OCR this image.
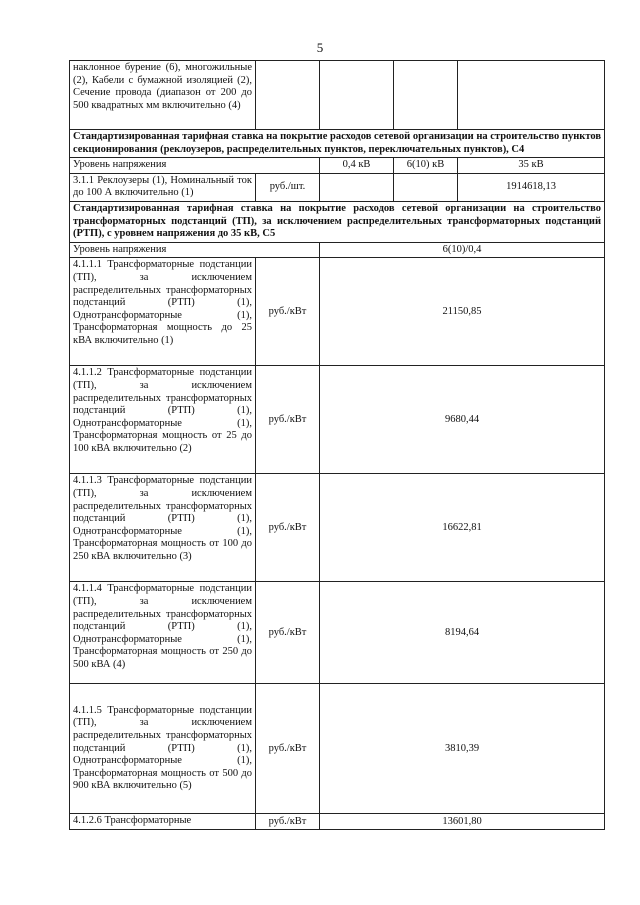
5
наклонное бурение (6), многожильные (2), Кабели с бумажной изоляцией (2), Сечение провода (диапазон от 200 до 500 квадратных мм включительно (4)				
Стандартизированная тарифная ставка на покрытие расходов сетевой организации на строительство пунктов секционирования (реклоузеров, распределительных пунктов, переключательных пунктов), С4				
Уровень напряжения		0,4 кВ	6(10) кВ	35 кВ
3.1.1 Реклоузеры (1), Номинальный ток до 100 А включительно (1)	руб./шт.			1914618,13
Стандартизированная тарифная ставка на покрытие расходов сетевой организации на строительство трансформаторных подстанций (ТП), за исключением распределительных трансформаторных подстанций (РТП), с уровнем напряжения до 35 кВ, С5				
Уровень напряжения		6(10)/0,4		
4.1.1.1 Трансформаторные подстанции (ТП), за исключением распределительных трансформаторных подстанций (РТП) (1), Однотрансформаторные (1), Трансформаторная мощность до 25 кВА включительно (1)	руб./кВт	21150,85		
4.1.1.2 Трансформаторные подстанции (ТП), за исключением распределительных трансформаторных подстанций (РТП) (1), Однотрансформаторные (1), Трансформаторная мощность от 25 до 100 кВА включительно (2)	руб./кВт	9680,44		
4.1.1.3 Трансформаторные подстанции (ТП), за исключением распределительных трансформаторных подстанций (РТП) (1), Однотрансформаторные (1), Трансформаторная мощность от 100 до 250 кВА включительно (3)	руб./кВт	16622,81		
4.1.1.4 Трансформаторные подстанции (ТП), за исключением распределительных трансформаторных подстанций (РТП) (1), Однотрансформаторные (1), Трансформаторная мощность от 250 до 500 кВА (4)	руб./кВт	8194,64		
4.1.1.5 Трансформаторные подстанции (ТП), за исключением распределительных трансформаторных подстанций (РТП) (1), Однотрансформаторные (1), Трансформаторная мощность от 500 до 900 кВА включительно (5)	руб./кВт	3810,39		
4.1.2.6 Трансформаторные	руб./кВт	13601,80		
